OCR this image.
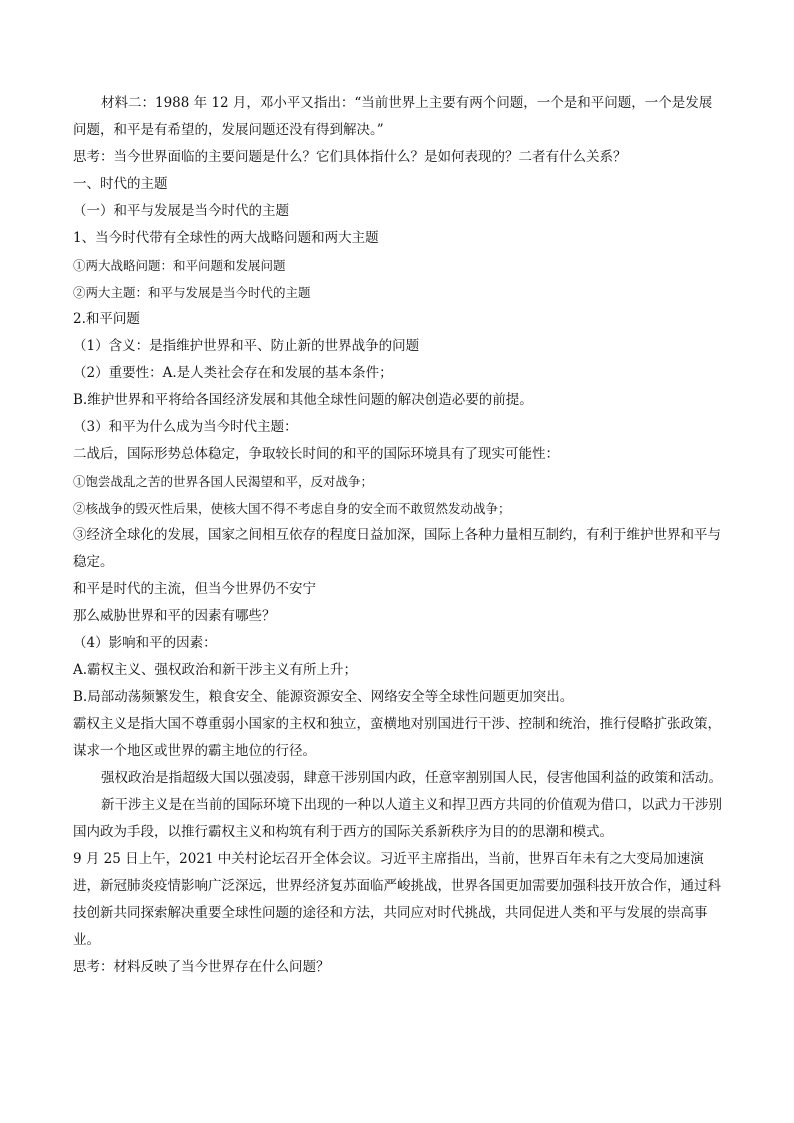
材料二：1988 年 12 月，邓小平又指出：“当前世界上主要有两个问题，一个是和平问题，一个是发展问题，和平是有希望的，发展问题还没有得到解决。”

思考：当今世界面临的主要问题是什么？它们具体指什么？是如何表现的？二者有什么关系？

一、时代的主题

（一）和平与发展是当今时代的主题

1、当今时代带有全球性的两大战略问题和两大主题

①两大战略问题：和平问题和发展问题

②两大主题：和平与发展是当今时代的主题

2.和平问题

（1）含义：是指维护世界和平、防止新的世界战争的问题

（2）重要性：A.是人类社会存在和发展的基本条件；

B.维护世界和平将给各国经济发展和其他全球性问题的解决创造必要的前提。

（3）和平为什么成为当今时代主题：

二战后，国际形势总体稳定，争取较长时间的和平的国际环境具有了现实可能性：

①饱尝战乱之苦的世界各国人民渴望和平，反对战争；

②核战争的毁灭性后果，使核大国不得不考虑自身的安全而不敢贸然发动战争；

③经济全球化的发展，国家之间相互依存的程度日益加深，国际上各种力量相互制约，有利于维护世界和平与稳定。

和平是时代的主流，但当今世界仍不安宁

那么威胁世界和平的因素有哪些？

（4）影响和平的因素：

A.霸权主义、强权政治和新干涉主义有所上升；

B.局部动荡频繁发生，粮食安全、能源资源安全、网络安全等全球性问题更加突出。

霸权主义是指大国不尊重弱小国家的主权和独立，蛮横地对别国进行干涉、控制和统治，推行侵略扩张政策，谋求一个地区或世界的霸主地位的行径。

强权政治是指超级大国以强凌弱，肆意干涉别国内政，任意宰割别国人民，侵害他国利益的政策和活动。

新干涉主义是在当前的国际环境下出现的一种以人道主义和捍卫西方共同的价值观为借口，以武力干涉别国内政为手段，以推行霸权主义和构筑有利于西方的国际关系新秩序为目的的思潮和模式。

9 月 25 日上午，2021 中关村论坛召开全体会议。习近平主席指出，当前，世界百年未有之大变局加速演进，新冠肺炎疫情影响广泛深远，世界经济复苏面临严峻挑战，世界各国更加需要加强科技开放合作，通过科技创新共同探索解决重要全球性问题的途径和方法，共同应对时代挑战，共同促进人类和平与发展的崇高事业。

思考：材料反映了当今世界存在什么问题？
